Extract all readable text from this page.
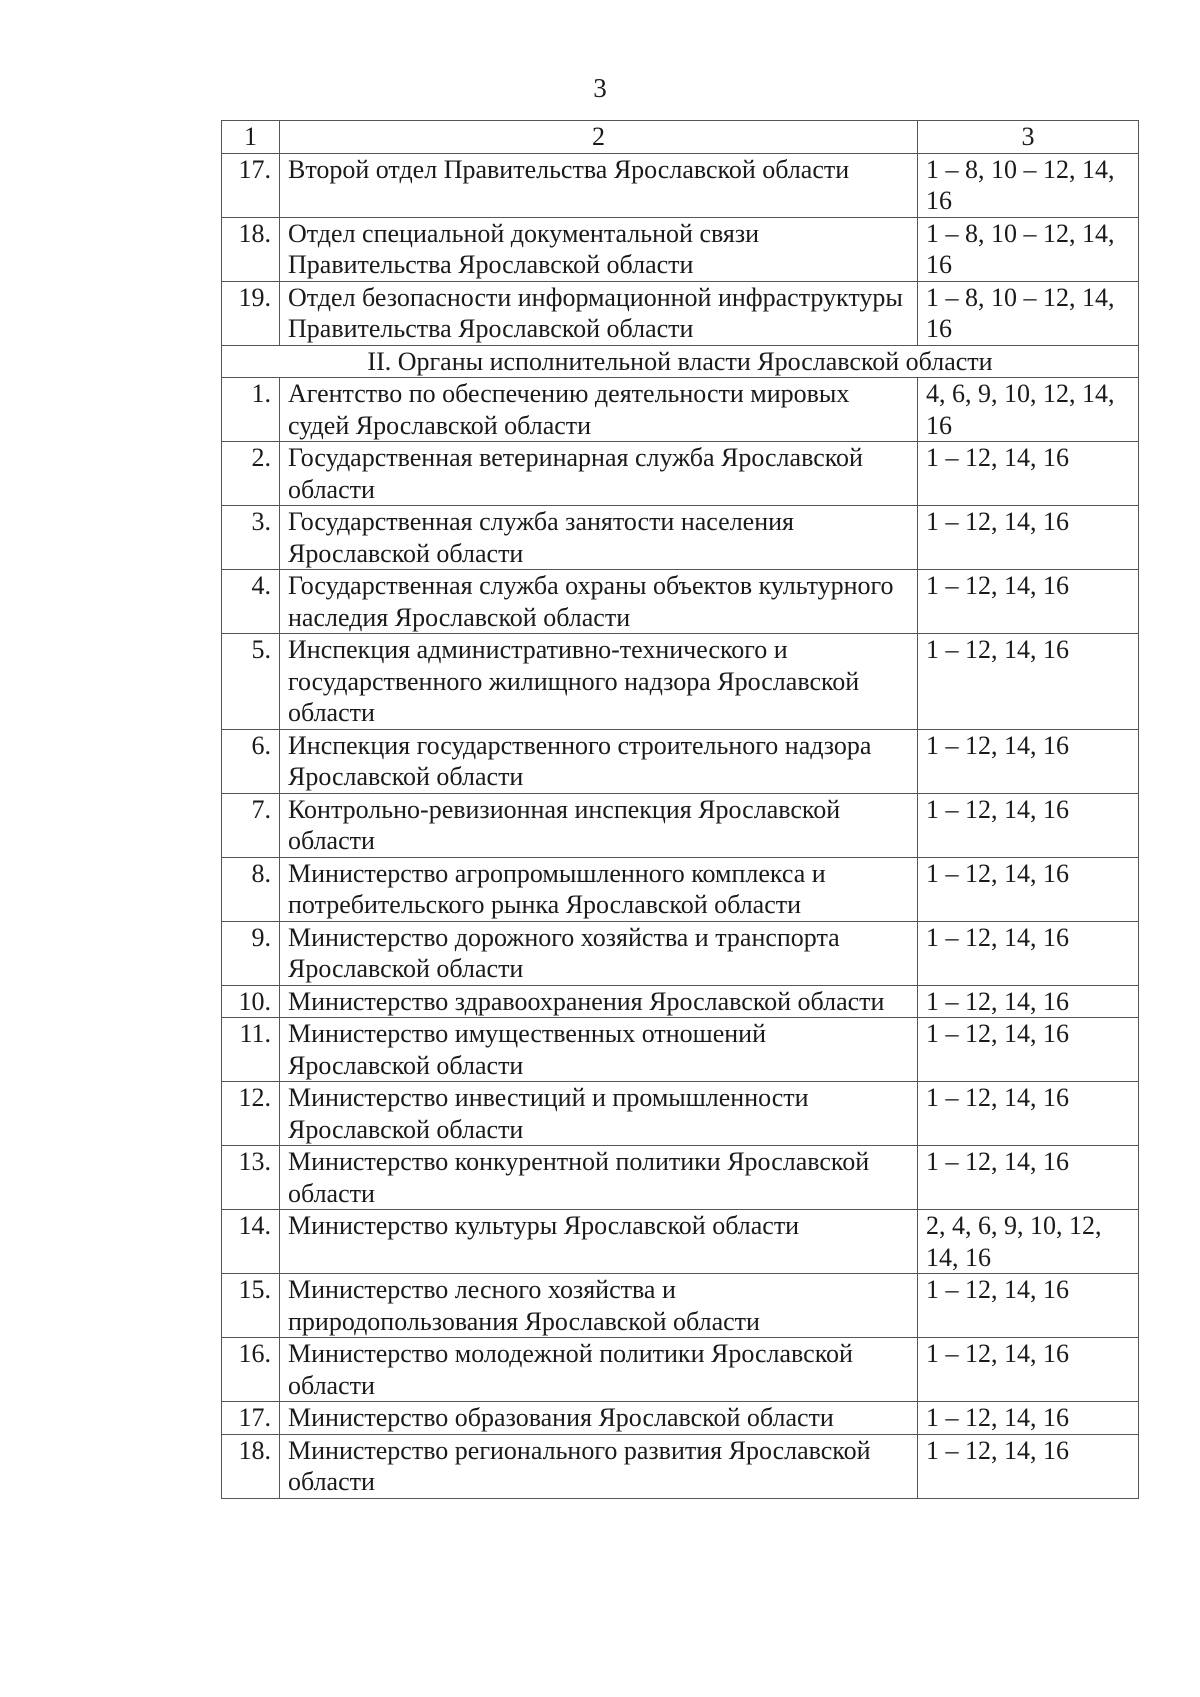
3
1	2	3
17.	Второй отдел Правительства Ярославской области	1 – 8, 10 – 12, 14, 16
18.	Отдел специальной документальной связи Правительства Ярославской области	1 – 8, 10 – 12, 14, 16
19.	Отдел безопасности информационной инфраструктуры Правительства Ярославской области	1 – 8, 10 – 12, 14, 16
II. Органы исполнительной власти Ярославской области		
1.	Агентство по обеспечению деятельности мировых судей Ярославской области	4, 6, 9, 10, 12, 14, 16
2.	Государственная ветеринарная служба Ярославской области	1 – 12, 14, 16
3.	Государственная служба занятости населения Ярославской области	1 – 12, 14, 16
4.	Государственная служба охраны объектов культурного наследия Ярославской области	1 – 12, 14, 16
5.	Инспекция административно-технического и государственного жилищного надзора Ярославской области	1 – 12, 14, 16
6.	Инспекция государственного строительного надзора Ярославской области	1 – 12, 14, 16
7.	Контрольно-ревизионная инспекция Ярославской области	1 – 12, 14, 16
8.	Министерство агропромышленного комплекса и потребительского рынка Ярославской области	1 – 12, 14, 16
9.	Министерство дорожного хозяйства и транспорта Ярославской области	1 – 12, 14, 16
10.	Министерство здравоохранения Ярославской области	1 – 12, 14, 16
11.	Министерство имущественных отношений Ярославской области	1 – 12, 14, 16
12.	Министерство инвестиций и промышленности Ярославской области	1 – 12, 14, 16
13.	Министерство конкурентной политики Ярославской области	1 – 12, 14, 16
14.	Министерство культуры Ярославской области	2, 4, 6, 9, 10, 12, 14, 16
15.	Министерство лесного хозяйства и природопользования Ярославской области	1 – 12, 14, 16
16.	Министерство молодежной политики Ярославской области	1 – 12, 14, 16
17.	Министерство образования Ярославской области	1 – 12, 14, 16
18.	Министерство регионального развития Ярославской области	1 – 12, 14, 16
